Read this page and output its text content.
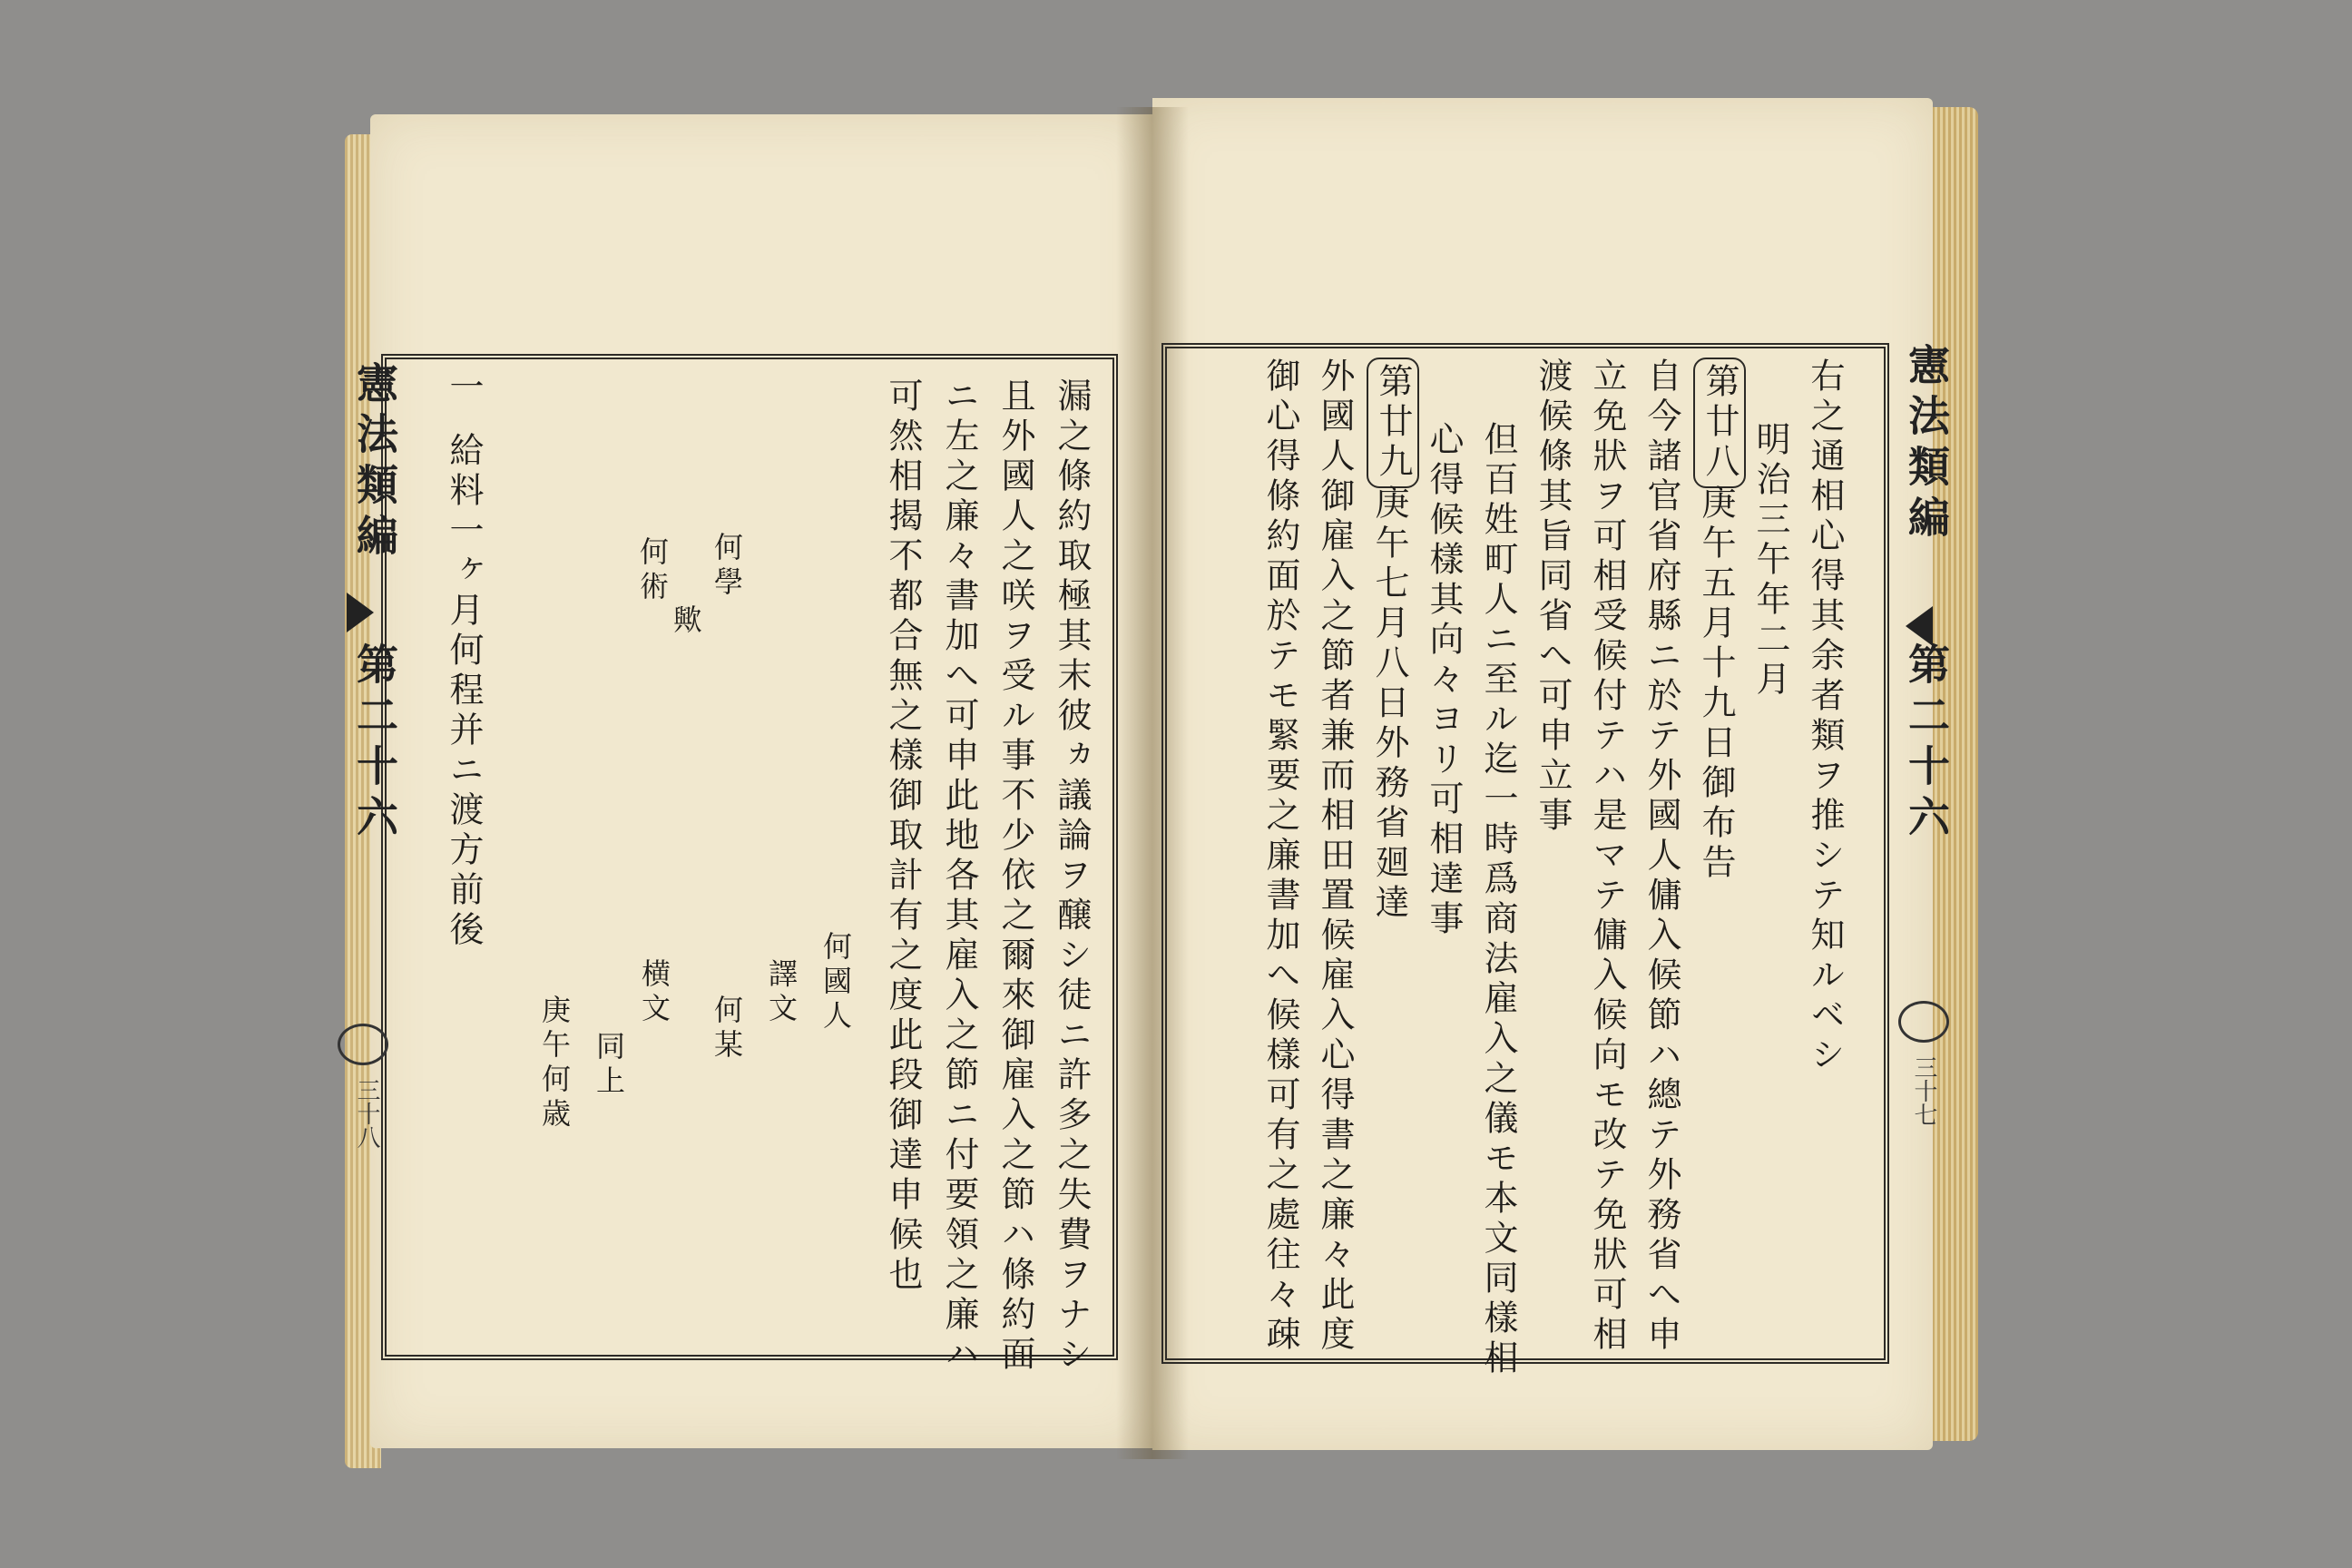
漏之條約取極其末彼ヵ議論ヲ醸シ徒ニ許多之失費ヲナシ
且外國人之咲ヲ受ル事不少依之爾來御雇入之節ハ條約面
ニ左之廉々書加へ可申此地各其雇入之節ニ付要領之廉ハ
可然相揭不都合無之樣御取計有之度此段御達申候也
何國人
譯文
何某
何學
歟
何術
横文
同上
庚午何歳
一
給料一ヶ月何程并ニ渡方前後
憲法類編
第二十六
三十八
右之通相心得其余者類ヲ推シテ知ルベシ
明治三午年二月
第廿八
庚午五月十九日御布告
自今諸官省府縣ニ於テ外國人傭入候節ハ總テ外務省へ申
立免狀ヲ可相受候付テハ是マテ傭入候向モ改テ免狀可相
渡候條其旨同省へ可申立事
但百姓町人ニ至ル迄一時爲商法雇入之儀モ本文同樣相
心得候樣其向々ヨリ可相達事
第廿九
庚午七月八日外務省廻達
外國人御雇入之節者兼而相田置候雇入心得書之廉々此度
御心得條約面於テモ緊要之廉書加へ候樣可有之處往々疎	憲法類編
第二十六
三十七
